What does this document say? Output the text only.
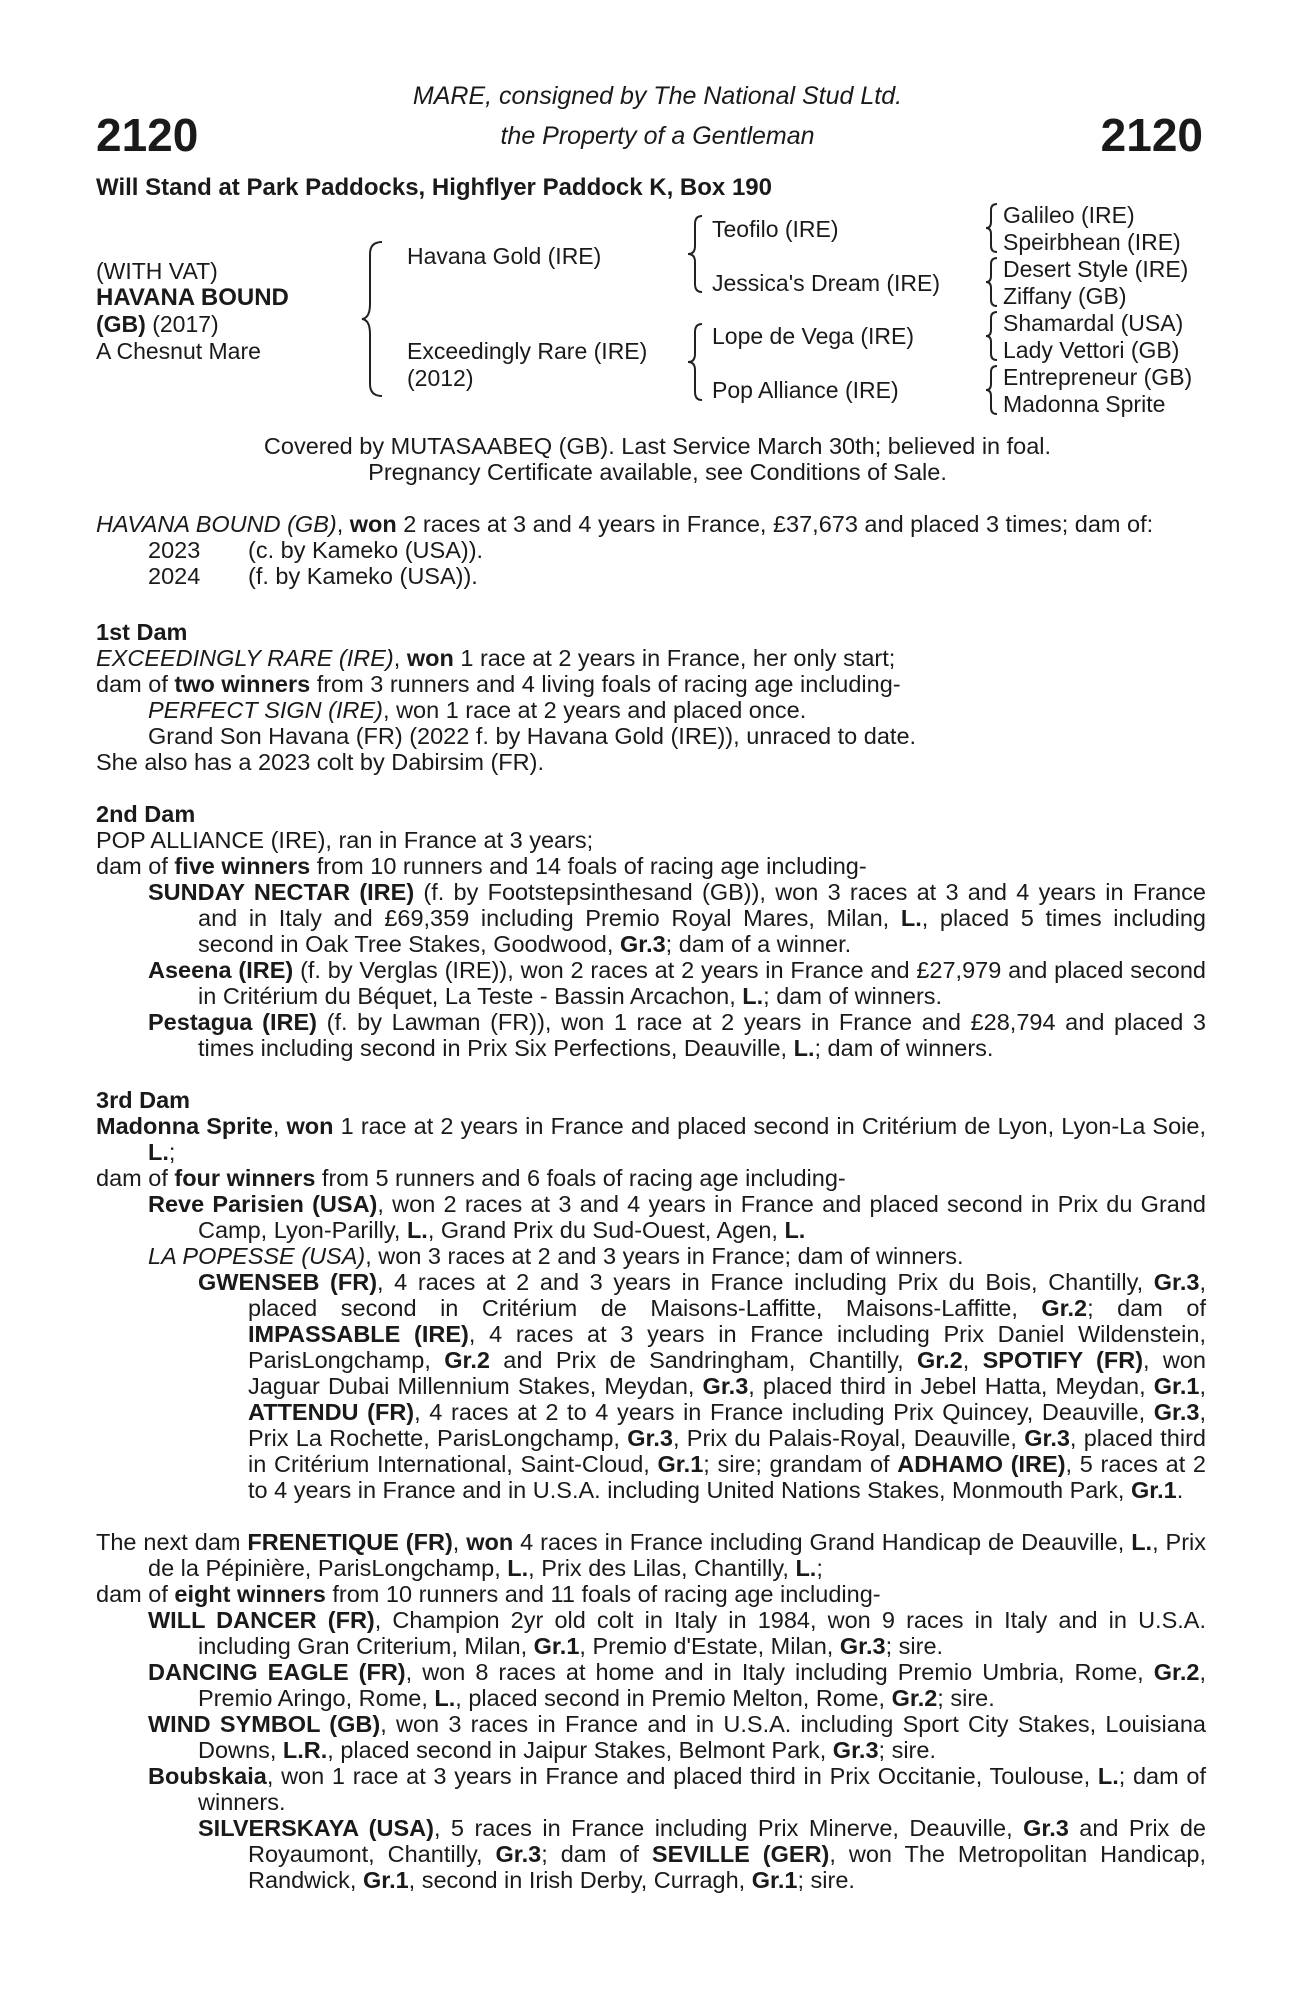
2120	2120
MARE, consigned by The National Stud Ltd.
the Property of a Gentleman
Will Stand at Park Paddocks, Highflyer Paddock K, Box 190
(WITH VAT)
HAVANA BOUND
(GB) (2017)
A Chesnut Mare
Havana Gold (IRE)
Exceedingly Rare (IRE)
(2012)
Teofilo (IRE)
Jessica's Dream (IRE)
Lope de Vega (IRE)
Pop Alliance (IRE)
Galileo (IRE)
Speirbhean (IRE)
Desert Style (IRE)
Ziffany (GB)
Shamardal (USA)
Lady Vettori (GB)
Entrepreneur (GB)
Madonna Sprite
Covered by MUTASAABEQ (GB). Last Service March 30th; believed in foal.
Pregnancy Certificate available, see Conditions of Sale.

HAVANA BOUND (GB), won 2 races at 3 and 4 years in France, £37,673 and placed 3 times; dam of:

2023 (c. by Kameko (USA)).

2024 (f. by Kameko (USA)).

1st Dam

EXCEEDINGLY RARE (IRE), won 1 race at 2 years in France, her only start;

dam of two winners from 3 runners and 4 living foals of racing age including-

PERFECT SIGN (IRE), won 1 race at 2 years and placed once.

Grand Son Havana (FR) (2022 f. by Havana Gold (IRE)), unraced to date.

She also has a 2023 colt by Dabirsim (FR).

2nd Dam

POP ALLIANCE (IRE), ran in France at 3 years;

dam of five winners from 10 runners and 14 foals of racing age including-

SUNDAY NECTAR (IRE) (f. by Footstepsinthesand (GB)), won 3 races at 3 and 4 years in France and in Italy and £69,359 including Premio Royal Mares, Milan, L., placed 5 times including second in Oak Tree Stakes, Goodwood, Gr.3; dam of a winner.

Aseena (IRE) (f. by Verglas (IRE)), won 2 races at 2 years in France and £27,979 and placed second in Critérium du Béquet, La Teste - Bassin Arcachon, L.; dam of winners.

Pestagua (IRE) (f. by Lawman (FR)), won 1 race at 2 years in France and £28,794 and placed 3 times including second in Prix Six Perfections, Deauville, L.; dam of winners.

3rd Dam

Madonna Sprite, won 1 race at 2 years in France and placed second in Critérium de Lyon, Lyon-La Soie, L.;

dam of four winners from 5 runners and 6 foals of racing age including-

Reve Parisien (USA), won 2 races at 3 and 4 years in France and placed second in Prix du Grand Camp, Lyon-Parilly, L., Grand Prix du Sud-Ouest, Agen, L.

LA POPESSE (USA), won 3 races at 2 and 3 years in France; dam of winners.

GWENSEB (FR), 4 races at 2 and 3 years in France including Prix du Bois, Chantilly, Gr.3, placed second in Critérium de Maisons-Laffitte, Maisons-Laffitte, Gr.2; dam of IMPASSABLE (IRE), 4 races at 3 years in France including Prix Daniel Wildenstein, ParisLongchamp, Gr.2 and Prix de Sandringham, Chantilly, Gr.2, SPOTIFY (FR), won Jaguar Dubai Millennium Stakes, Meydan, Gr.3, placed third in Jebel Hatta, Meydan, Gr.1, ATTENDU (FR), 4 races at 2 to 4 years in France including Prix Quincey, Deauville, Gr.3, Prix La Rochette, ParisLongchamp, Gr.3, Prix du Palais-Royal, Deauville, Gr.3, placed third in Critérium International, Saint-Cloud, Gr.1; sire; grandam of ADHAMO (IRE), 5 races at 2 to 4 years in France and in U.S.A. including United Nations Stakes, Monmouth Park, Gr.1.

The next dam FRENETIQUE (FR), won 4 races in France including Grand Handicap de Deauville, L., Prix de la Pépinière, ParisLongchamp, L., Prix des Lilas, Chantilly, L.;

dam of eight winners from 10 runners and 11 foals of racing age including-

WILL DANCER (FR), Champion 2yr old colt in Italy in 1984, won 9 races in Italy and in U.S.A. including Gran Criterium, Milan, Gr.1, Premio d'Estate, Milan, Gr.3; sire.

DANCING EAGLE (FR), won 8 races at home and in Italy including Premio Umbria, Rome, Gr.2, Premio Aringo, Rome, L., placed second in Premio Melton, Rome, Gr.2; sire.

WIND SYMBOL (GB), won 3 races in France and in U.S.A. including Sport City Stakes, Louisiana Downs, L.R., placed second in Jaipur Stakes, Belmont Park, Gr.3; sire.

Boubskaia, won 1 race at 3 years in France and placed third in Prix Occitanie, Toulouse, L.; dam of winners.

SILVERSKAYA (USA), 5 races in France including Prix Minerve, Deauville, Gr.3 and Prix de Royaumont, Chantilly, Gr.3; dam of SEVILLE (GER), won The Metropolitan Handicap, Randwick, Gr.1, second in Irish Derby, Curragh, Gr.1; sire.
